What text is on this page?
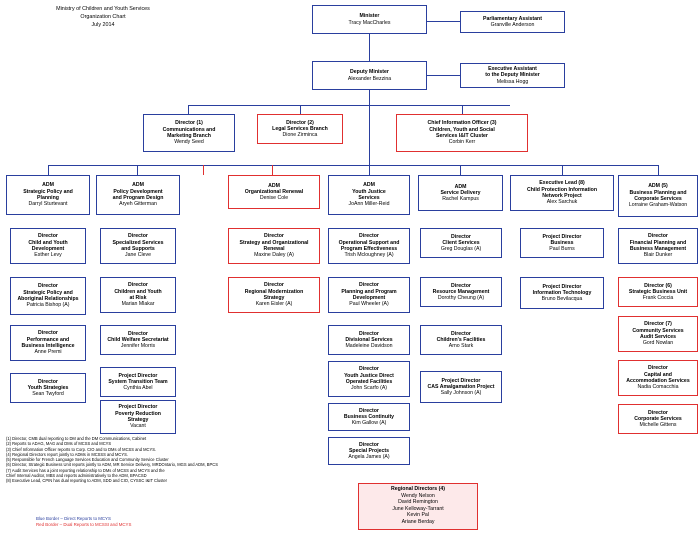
Ministry of Children and Youth Services
Organization Chart
July 2014
Minister
Tracy MacCharles
Parliamentary Assistant
Granville Anderson
Deputy Minister
Alexander Bezzina
Executive Assistant
to the Deputy Minister
Melissa Hogg
Director (1)
Communications and
Marketing Branch
Wendy Seed
Director (2)
Legal Services Branch
Dione Zirminca
Chief Information Officer (3)
Children, Youth and Social
Services I&IT Cluster
Corbin Kerr
ADM
Strategic Policy and
Planning
Darryl Sturtevant
Director
Child and Youth
Development
Esther Levy
Director
Strategic Policy and
Aboriginal Relationships
Patricia Bishop (A)
Director
Performance and
Business Intelligence
Anne Premi
Director
Youth Strategies
Sean Twyford
ADM
Policy Development
and Program Design
Aryeh Gitterman
Director
Specialized Services
and Supports
Jane Cleve
Director
Children and Youth
at Risk
Marian Mlakar
Director
Child Welfare Secretariat
Jennifer Morris
Project Director
System Transition Team
Cynthia Abel
Project Director
Poverty Reduction
Strategy
Vacant
ADM
Organizational Renewal
Denise Cole
Director
Strategy and Organizational
Renewal
Maxine Daley (A)
Director
Regional Modernization
Strategy
Karen Eisler (A)
ADM
Youth Justice
Services
JoAnn Miller-Reid
Director
Operational Support and
Program Effectiveness
Trish Mcloughney (A)
Director
Planning and Program
Development
Paul Wheeler (A)
Director
Divisional Services
Madeleine Davidson
Director
Youth Justice Direct
Operated Facilities
John Scarfo (A)
Director
Business Continuity
Kim Gallow (A)
Director
Special Projects
Angela James (A)
ADM
Service Delivery
Rachel Kampus
Director
Client Services
Greg Douglas (A)
Director
Resource Management
Dorothy Cheung (A)
Director
Children's Facilities
Arno Stark
Project Director
CAS Amalgamation Project
Sally Johnson (A)
Executive Lead (8)
Child Protection Information
Network Project
Alex Sarchuk
Project Director
Business
Paul Burns
Project Director
Information Technology
Bruno Bevilacqua
ADM (5)
Business Planning and
Corporate Services
Lorraine Graham-Watson
Director
Financial Planning and
Business Management
Blair Dunker
Director (6)
Strategic Business Unit
Frank Coccia
Director (7)
Community Services
Audit Services
Gord Nowlan
Director
Capital and
Accommodation Services
Nadia Comacchia
Director
Corporate Services
Michelle Gittens
Regional Directors (4)
Wendy Nelson
David Remington
June Kelloway-Tarrant
Kevin Pal
Ariane Berday
(1) Director, CMB dual reporting to DM and the DM Communications, Cabinet
(2) Reports to ADAG, MAG and DMs of MCSS and MCYS
(3) Chief Information Officer reports to Corp. CIO and to DMs of MCSS and MCYS.
(4) Regional Directors report jointly to ADMs in MCSSS and MCYS.
(5) Responsible for French Language Services Education and Community Service Cluster
(6) Director, Strategic Business Unit reports jointly to ADM, MR Service Delivery, MRDOntario, MGS and ADM, BPCS
(7) Audit Services has a joint reporting relationship to DMs of MCSS and MCYS and the
Chief Internal Auditor, MBS and reports administratively to the ADM, BPACSD
(8) Executive Lead, CPIN has dual reporting to ADM, SDD and CIO, CYSSC I&IT Cluster
Blue Border – Direct Reports to MCYS
Red Border – Dual Reports to MCSSI and MCYS
